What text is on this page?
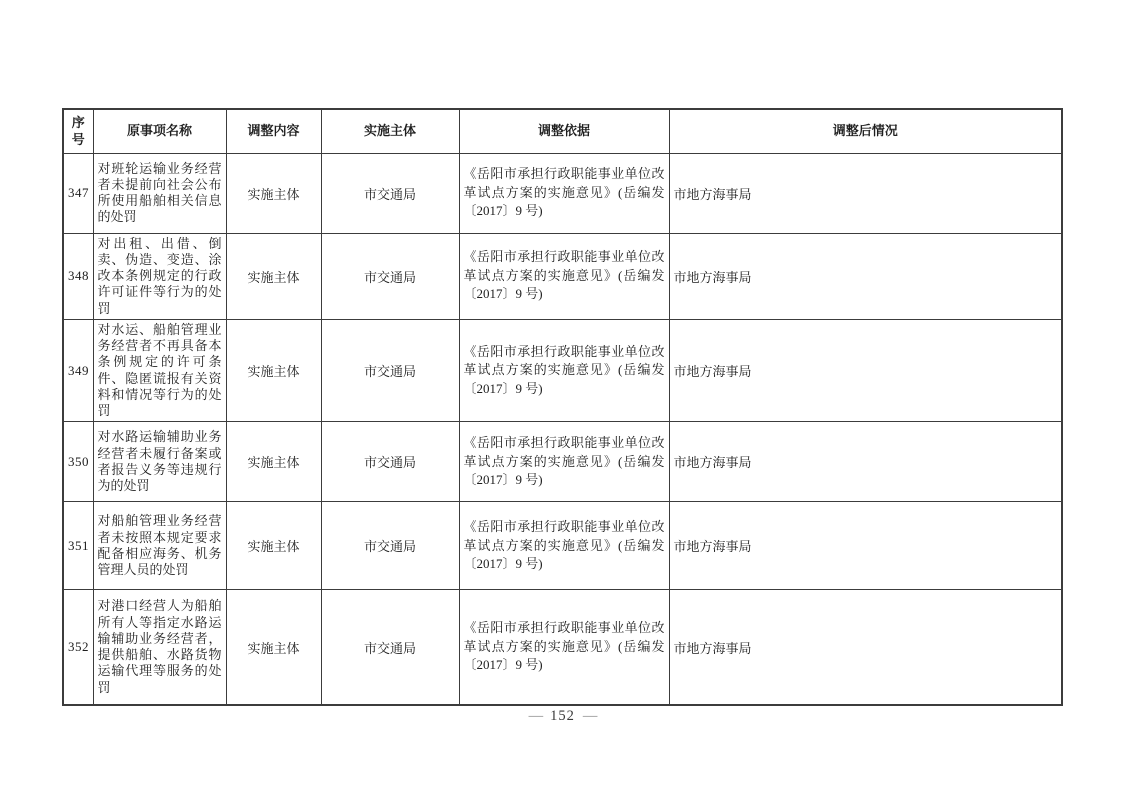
序号	原事项名称	调整内容	实施主体	调整依据	调整后情况
347	对班轮运输业务经营者未提前向社会公布所使用船舶相关信息的处罚	实施主体	市交通局	《岳阳市承担行政职能事业单位改革试点方案的实施意见》(岳编发〔2017〕9 号)	市地方海事局
348	对出租、出借、倒卖、伪造、变造、涂改本条例规定的行政许可证件等行为的处罚	实施主体	市交通局	《岳阳市承担行政职能事业单位改革试点方案的实施意见》(岳编发〔2017〕9 号)	市地方海事局
349	对水运、船舶管理业务经营者不再具备本条例规定的许可条件、隐匿谎报有关资料和情况等行为的处罚	实施主体	市交通局	《岳阳市承担行政职能事业单位改革试点方案的实施意见》(岳编发〔2017〕9 号)	市地方海事局
350	对水路运输辅助业务经营者未履行备案或者报告义务等违规行为的处罚	实施主体	市交通局	《岳阳市承担行政职能事业单位改革试点方案的实施意见》(岳编发〔2017〕9 号)	市地方海事局
351	对船舶管理业务经营者未按照本规定要求配备相应海务、机务管理人员的处罚	实施主体	市交通局	《岳阳市承担行政职能事业单位改革试点方案的实施意见》(岳编发〔2017〕9 号)	市地方海事局
352	对港口经营人为船舶所有人等指定水路运输辅助业务经营者，提供船舶、水路货物运输代理等服务的处罚	实施主体	市交通局	《岳阳市承担行政职能事业单位改革试点方案的实施意见》(岳编发〔2017〕9 号)	市地方海事局
— 152 —
